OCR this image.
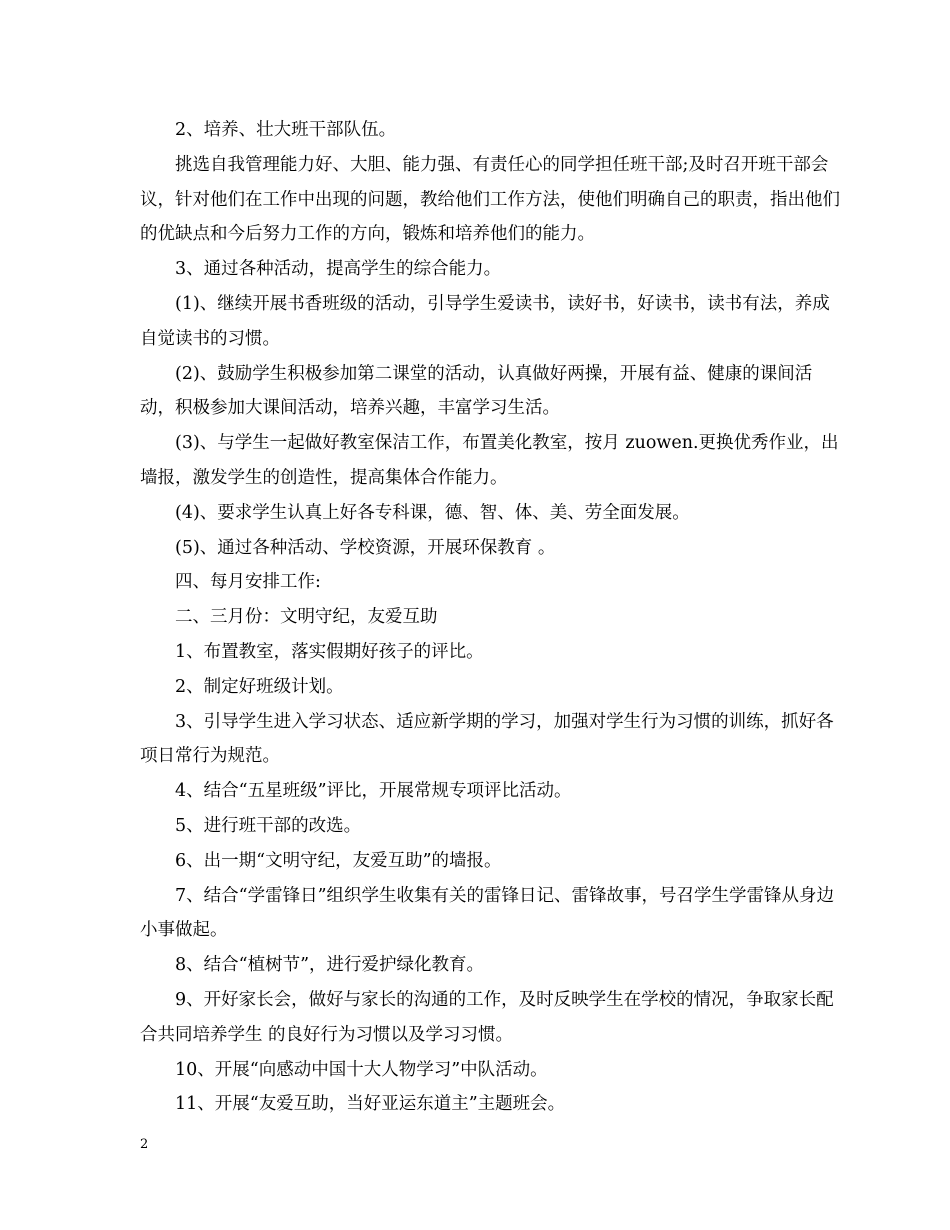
2、培养、壮大班干部队伍。

挑选自我管理能力好、大胆、能力强、有责任心的同学担任班干部;及时召开班干部会议，针对他们在工作中出现的问题，教给他们工作方法，使他们明确自己的职责，指出他们的优缺点和今后努力工作的方向，锻炼和培养他们的能力。

3、通过各种活动，提高学生的综合能力。

(1)、继续开展书香班级的活动，引导学生爱读书，读好书，好读书，读书有法，养成自觉读书的习惯。

(2)、鼓励学生积极参加第二课堂的活动，认真做好两操，开展有益、健康的课间活动，积极参加大课间活动，培养兴趣，丰富学习生活。

(3)、与学生一起做好教室保洁工作，布置美化教室，按月 zuowen.更换优秀作业，出墙报，激发学生的创造性，提高集体合作能力。

(4)、要求学生认真上好各专科课，德、智、体、美、劳全面发展。

(5)、通过各种活动、学校资源，开展环保教育 。

四、每月安排工作:

二、三月份：文明守纪，友爱互助

1、布置教室，落实假期好孩子的评比。

2、制定好班级计划。

3、引导学生进入学习状态、适应新学期的学习，加强对学生行为习惯的训练，抓好各项日常行为规范。

4、结合“五星班级”评比，开展常规专项评比活动。

5、进行班干部的改选。

6、出一期“文明守纪，友爱互助”的墙报。

7、结合“学雷锋日”组织学生收集有关的雷锋日记、雷锋故事，号召学生学雷锋从身边小事做起。

8、结合“植树节”，进行爱护绿化教育。

9、开好家长会，做好与家长的沟通的工作，及时反映学生在学校的情况，争取家长配合共同培养学生 的良好行为习惯以及学习习惯。

10、开展“向感动中国十大人物学习”中队活动。

11、开展“友爱互助，当好亚运东道主”主题班会。

2
